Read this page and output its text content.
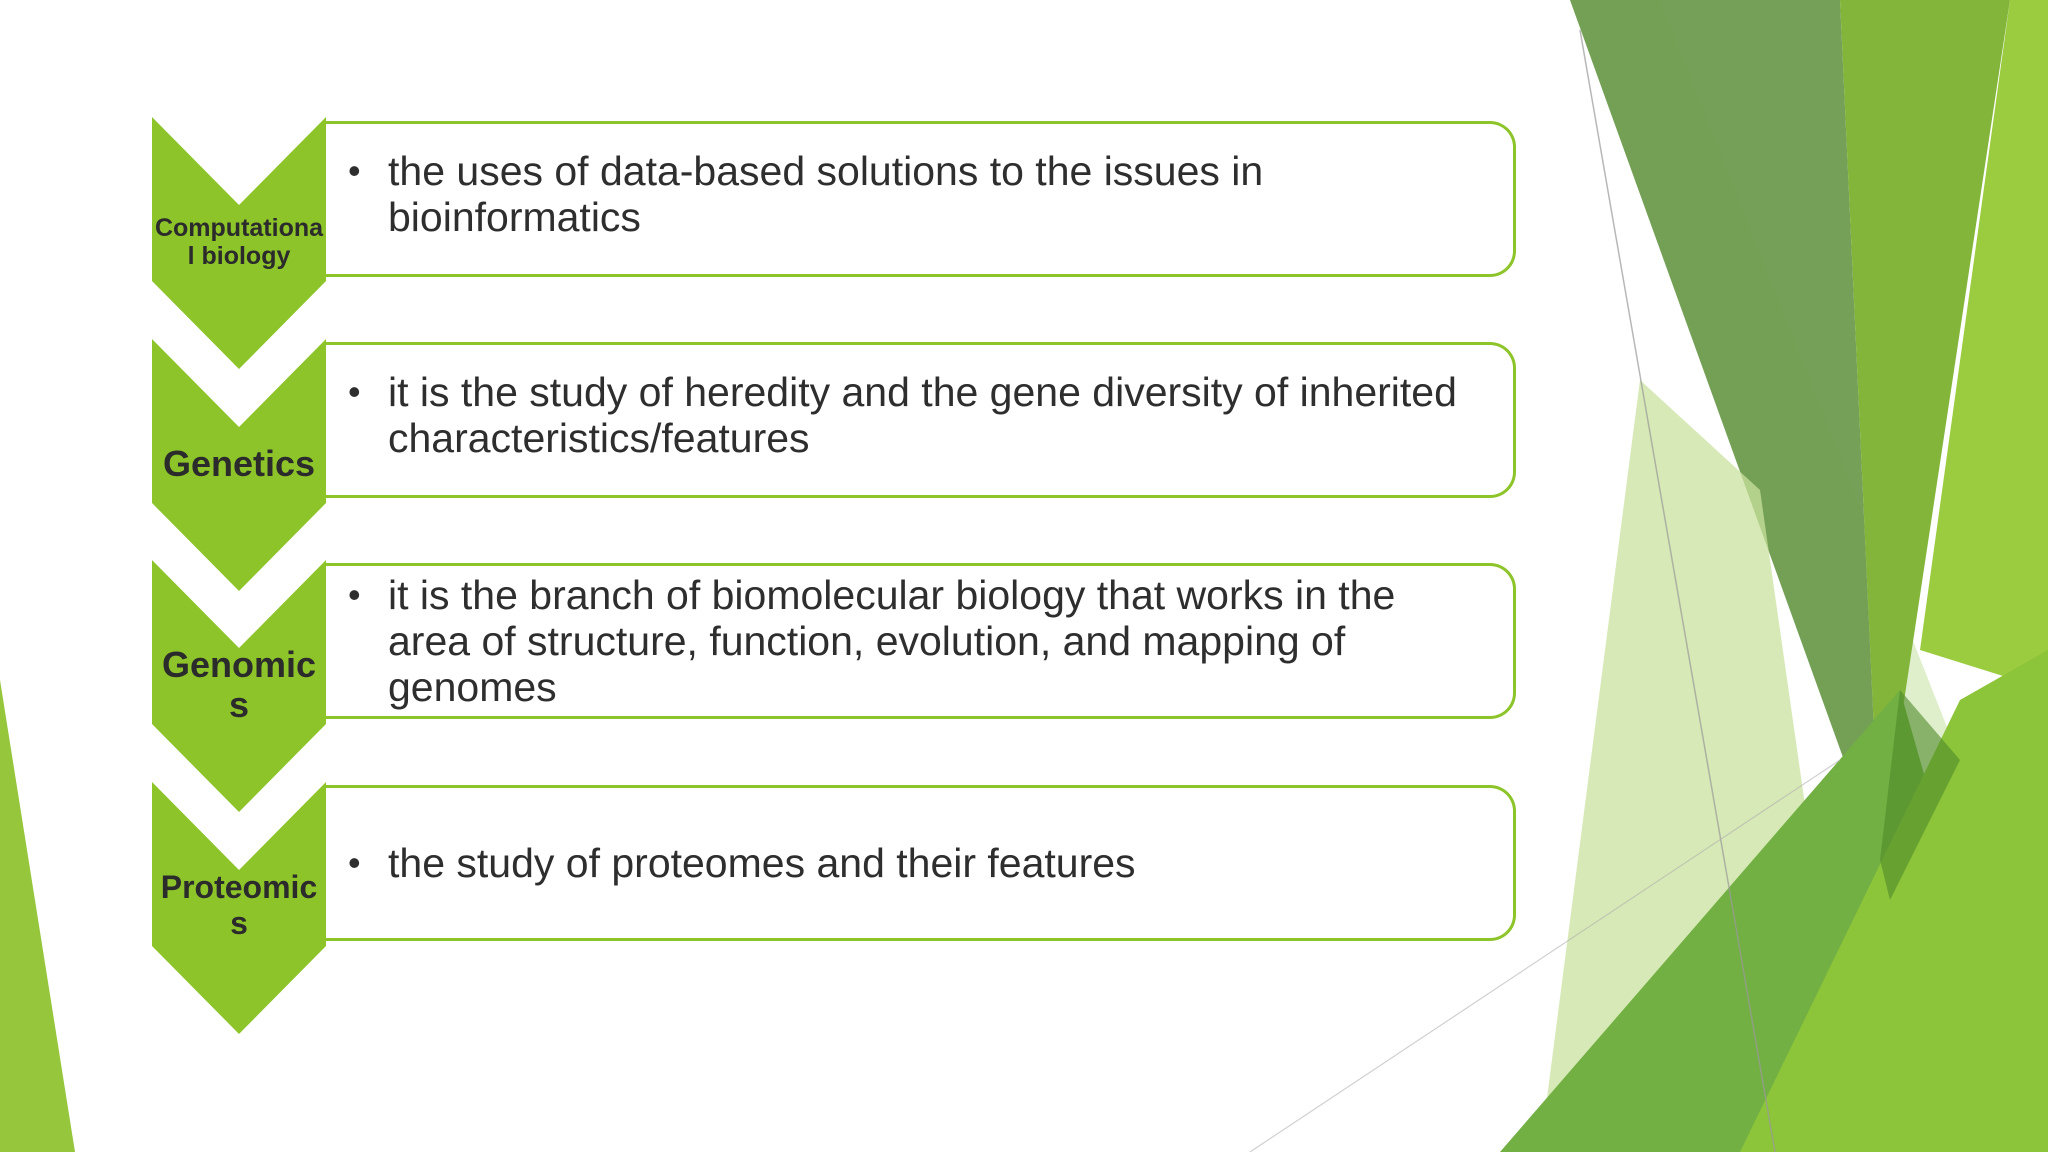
Computational biology
• the uses of data-based solutions to the issues in bioinformatics
Genetics
• it is the study of heredity and the gene diversity of inherited characteristics/features
Genomics
• it is the branch of biomolecular biology that works in the area of structure, function, evolution, and mapping of genomes
Proteomics
• the study of proteomes and their features
